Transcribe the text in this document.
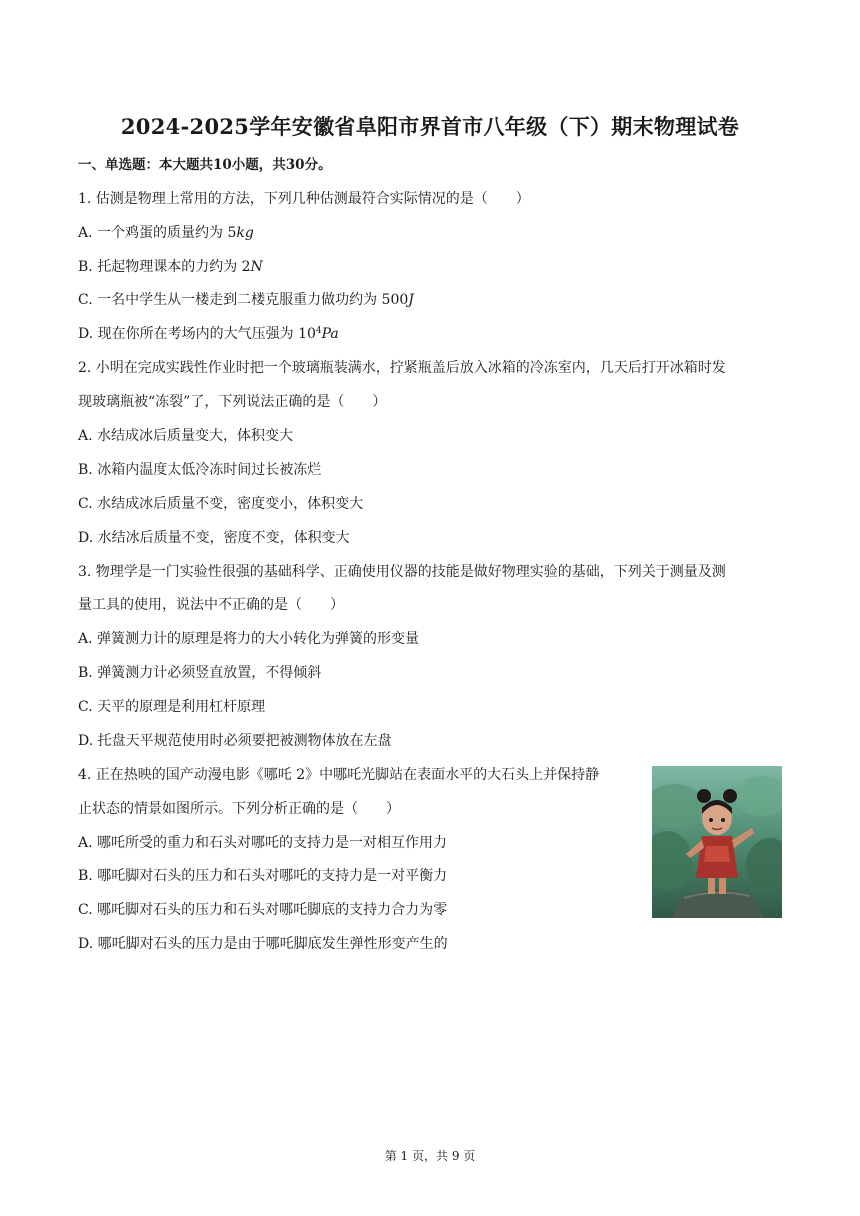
2024-2025学年安徽省阜阳市界首市八年级（下）期末物理试卷
一、单选题：本大题共10小题，共30分。
1. 估测是物理上常用的方法，下列几种估测最符合实际情况的是（　　）
A. 一个鸡蛋的质量约为 5kg
B. 托起物理课本的力约为 2N
C. 一名中学生从一楼走到二楼克服重力做功约为 500J
D. 现在你所在考场内的大气压强为 $10^4Pa$
2. 小明在完成实践性作业时把一个玻璃瓶装满水，拧紧瓶盖后放入冰箱的冷冻室内，几天后打开冰箱时发
现玻璃瓶被“冻裂”了，下列说法正确的是（　　）
A. 水结成冰后质量变大，体积变大
B. 冰箱内温度太低冷冻时间过长被冻烂
C. 水结成冰后质量不变，密度变小，体积变大
D. 水结冰后质量不变，密度不变，体积变大
3. 物理学是一门实验性很强的基础科学、正确使用仪器的技能是做好物理实验的基础，下列关于测量及测
量工具的使用，说法中不正确的是（　　）
A. 弹簧测力计的原理是将力的大小转化为弹簧的形变量
B. 弹簧测力计必须竖直放置，不得倾斜
C. 天平的原理是利用杠杆原理
D. 托盘天平规范使用时必须要把被测物体放在左盘
4. 正在热映的国产动漫电影《哪吒 2》中哪吒光脚站在表面水平的大石头上并保持静
止状态的情景如图所示。下列分析正确的是（　　）
A. 哪吒所受的重力和石头对哪吒的支持力是一对相互作用力
B. 哪吒脚对石头的压力和石头对哪吒的支持力是一对平衡力
C. 哪吒脚对石头的压力和石头对哪吒脚底的支持力合力为零
D. 哪吒脚对石头的压力是由于哪吒脚底发生弹性形变产生的
第 1 页，共 9 页
